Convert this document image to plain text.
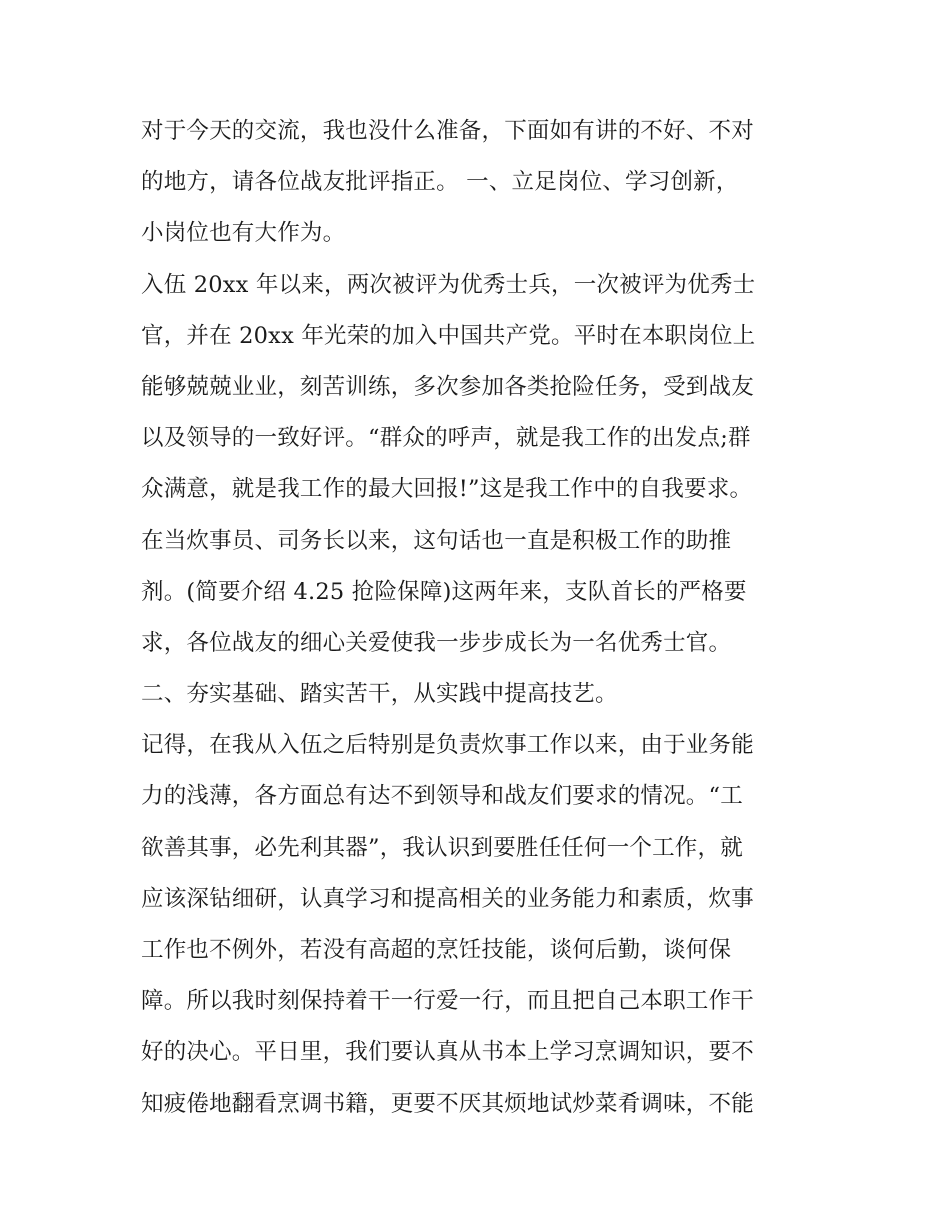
对于今天的交流，我也没什么准备，下面如有讲的不好、不对
的地方，请各位战友批评指正。 一、立足岗位、学习创新，
小岗位也有大作为。
入伍 20xx 年以来，两次被评为优秀士兵，一次被评为优秀士
官，并在 20xx 年光荣的加入中国共产党。平时在本职岗位上
能够兢兢业业，刻苦训练，多次参加各类抢险任务，受到战友
以及领导的一致好评。“群众的呼声，就是我工作的出发点;群
众满意，就是我工作的最大回报!”这是我工作中的自我要求。
在当炊事员、司务长以来，这句话也一直是积极工作的助推
剂。(简要介绍 4.25 抢险保障)这两年来，支队首长的严格要
求，各位战友的细心关爱使我一步步成长为一名优秀士官。
二、夯实基础、踏实苦干，从实践中提高技艺。
记得，在我从入伍之后特别是负责炊事工作以来，由于业务能
力的浅薄，各方面总有达不到领导和战友们要求的情况。“工
欲善其事，必先利其器”，我认识到要胜任任何一个工作，就
应该深钻细研，认真学习和提高相关的业务能力和素质，炊事
工作也不例外，若没有高超的烹饪技能，谈何后勤，谈何保
障。所以我时刻保持着干一行爱一行，而且把自己本职工作干
好的决心。平日里，我们要认真从书本上学习烹调知识，要不
知疲倦地翻看烹调书籍，更要不厌其烦地试炒菜肴调味，不能
